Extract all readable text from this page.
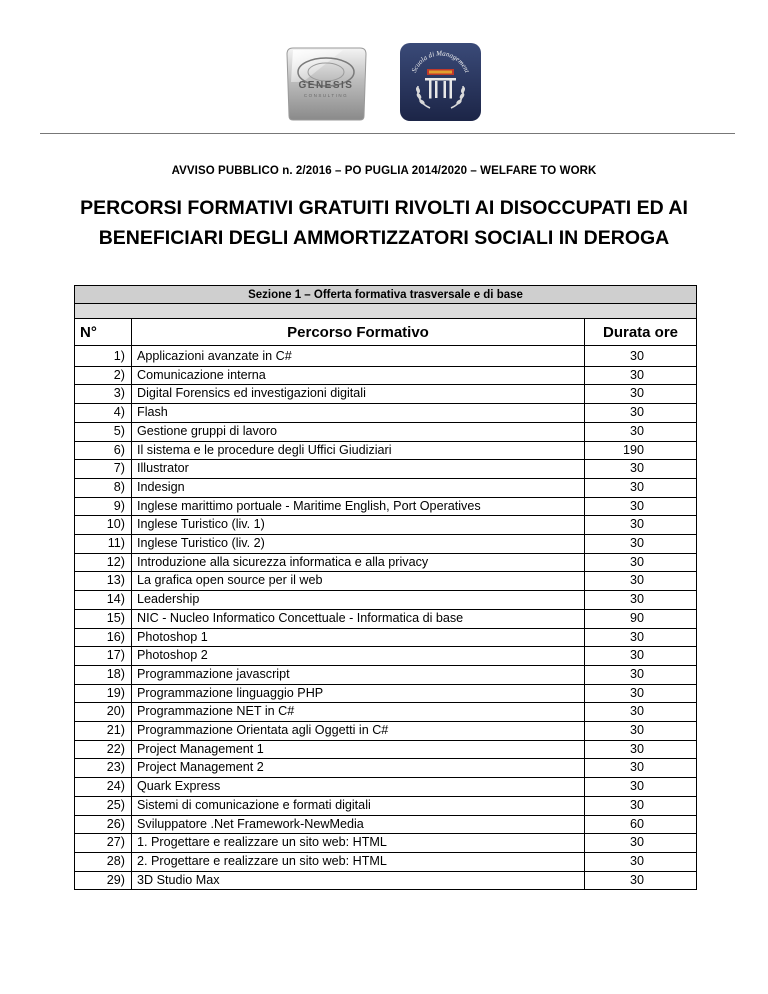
GENESIS
CONSULTING
Scuola di Management
AVVISO PUBBLICO n. 2/2016 – PO PUGLIA 2014/2020 – WELFARE TO WORK
PERCORSI FORMATIVI GRATUITI RIVOLTI AI DISOCCUPATI ED AI
BENEFICIARI DEGLI AMMORTIZZATORI SOCIALI IN DEROGA
Sezione 1 – Offerta formativa trasversale e di base		

N°	Percorso Formativo	Durata ore
1)	Applicazioni avanzate in C#	30
2)	Comunicazione interna	30
3)	Digital Forensics ed investigazioni digitali	30
4)	Flash	30
5)	Gestione gruppi di lavoro	30
6)	Il sistema e le procedure degli Uffici Giudiziari	190
7)	Illustrator	30
8)	Indesign	30
9)	Inglese marittimo portuale - Maritime English, Port Operatives	30
10)	Inglese Turistico (liv. 1)	30
11)	Inglese Turistico (liv. 2)	30
12)	Introduzione alla sicurezza informatica e alla privacy	30
13)	La grafica open source per il web	30
14)	Leadership	30
15)	NIC - Nucleo Informatico Concettuale - Informatica di base	90
16)	Photoshop 1	30
17)	Photoshop 2	30
18)	Programmazione javascript	30
19)	Programmazione linguaggio PHP	30
20)	Programmazione NET in C#	30
21)	Programmazione Orientata agli Oggetti in C#	30
22)	Project Management 1	30
23)	Project Management 2	30
24)	Quark Express	30
25)	Sistemi di comunicazione e formati digitali	30
26)	Sviluppatore .Net Framework-NewMedia	60
27)	1. Progettare e realizzare un sito web: HTML	30
28)	2. Progettare e realizzare un sito web: HTML	30
29)	3D Studio Max	30
